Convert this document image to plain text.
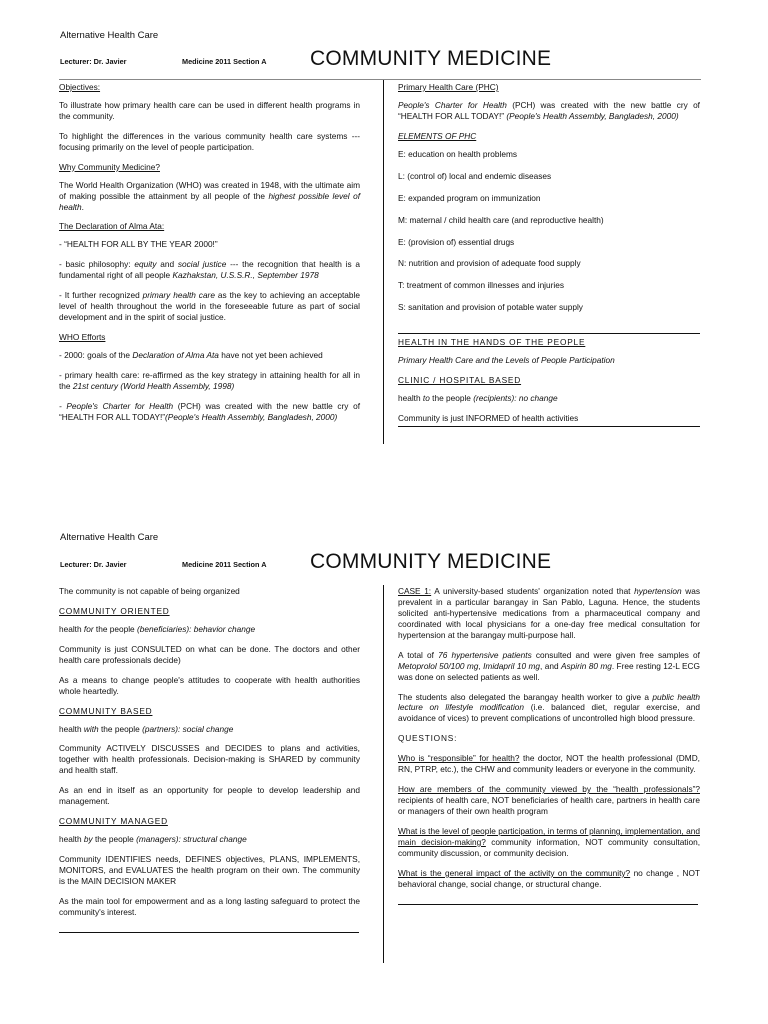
Alternative Health Care
Lecturer: Dr. Javier	Medicine 2011 Section A COMMUNITY MEDICINE

Objectives:

To illustrate how primary health care can be used in different health programs in the community.

To highlight the differences in the various community health care systems --- focusing primarily on the level of people participation.

Why Community Medicine?

The World Health Organization (WHO) was created in 1948, with the ultimate aim of making possible the attainment by all people of the highest possible level of health.

The Declaration of Alma Ata:

- “HEALTH FOR ALL BY THE YEAR 2000!”

- basic philosophy: equity and social justice --- the recognition that health is a fundamental right of all people Kazhakstan, U.S.S.R., September 1978

- It further recognized primary health care as the key to achieving an acceptable level of health throughout the world in the foreseeable future as part of social development and in the spirit of social justice.

WHO Efforts

- 2000: goals of the Declaration of Alma Ata have not yet been achieved

- primary health care: re-affirmed as the key strategy in attaining health for all in the 21st century (World Health Assembly, 1998)

- People's Charter for Health (PCH) was created with the new battle cry of “HEALTH FOR ALL TODAY!”(People's Health Assembly, Bangladesh, 2000)

Primary Health Care (PHC)

People's Charter for Health (PCH) was created with the new battle cry of “HEALTH FOR ALL TODAY!” (People's Health Assembly, Bangladesh, 2000)

ELEMENTS OF PHC

E: education on health problems

L: (control of) local and endemic diseases

E: expanded program on immunization

M: maternal / child health care (and reproductive health)

E: (provision of) essential drugs

N: nutrition and provision of adequate food supply

T: treatment of common illnesses and injuries

S: sanitation and provision of potable water supply

HEALTH IN THE HANDS OF THE PEOPLE

Primary Health Care and the Levels of People Participation

CLINIC / HOSPITAL BASED

health to the people (recipients): no change

Community is just INFORMED of health activities

Alternative Health Care
Lecturer: Dr. Javier	Medicine 2011 Section A COMMUNITY MEDICINE

The community is not capable of being organized

COMMUNITY ORIENTED

health for the people (beneficiaries): behavior change

Community is just CONSULTED on what can be done. The doctors and other health care professionals decide)

As a means to change people's attitudes to cooperate with health authorities whole heartedly.

COMMUNITY BASED

health with the people (partners): social change

Community ACTIVELY DISCUSSES and DECIDES to plans and activities, together with health professionals. Decision-making is SHARED by community and health staff.

As an end in itself as an opportunity for people to develop leadership and management.

COMMUNITY MANAGED

health by the people (managers): structural change

Community IDENTIFIES needs, DEFINES objectives, PLANS, IMPLEMENTS, MONITORS, and EVALUATES the health program on their own. The community is the MAIN DECISION MAKER

As the main tool for empowerment and as a long lasting safeguard to protect the community's interest.

CASE 1: A university-based students' organization noted that hypertension was prevalent in a particular barangay in San Pablo, Laguna. Hence, the students solicited anti-hypertensive medications from a pharmaceutical company and coordinated with local physicians for a one-day free medical consultation for hypertension at the barangay multi-purpose hall.

A total of 76 hypertensive patients consulted and were given free samples of Metoprolol 50/100 mg, Imidapril 10 mg, and Aspirin 80 mg. Free resting 12-L ECG was done on selected patients as well.

The students also delegated the barangay health worker to give a public health lecture on lifestyle modification (i.e. balanced diet, regular exercise, and avoidance of vices) to prevent complications of uncontrolled high blood pressure.

QUESTIONS:

Who is “responsible” for health? the doctor, NOT the health professional (DMD, RN, PTRP, etc.), the CHW and community leaders or everyone in the community.

How are members of the community viewed by the “health professionals”? recipients of health care, NOT beneficiaries of health care, partners in health care or managers of their own health program

What is the level of people participation, in terms of planning, implementation, and main decision-making? community information, NOT community consultation, community discussion, or community decision.

What is the general impact of the activity on the community? no change , NOT behavioral change, social change, or structural change.
